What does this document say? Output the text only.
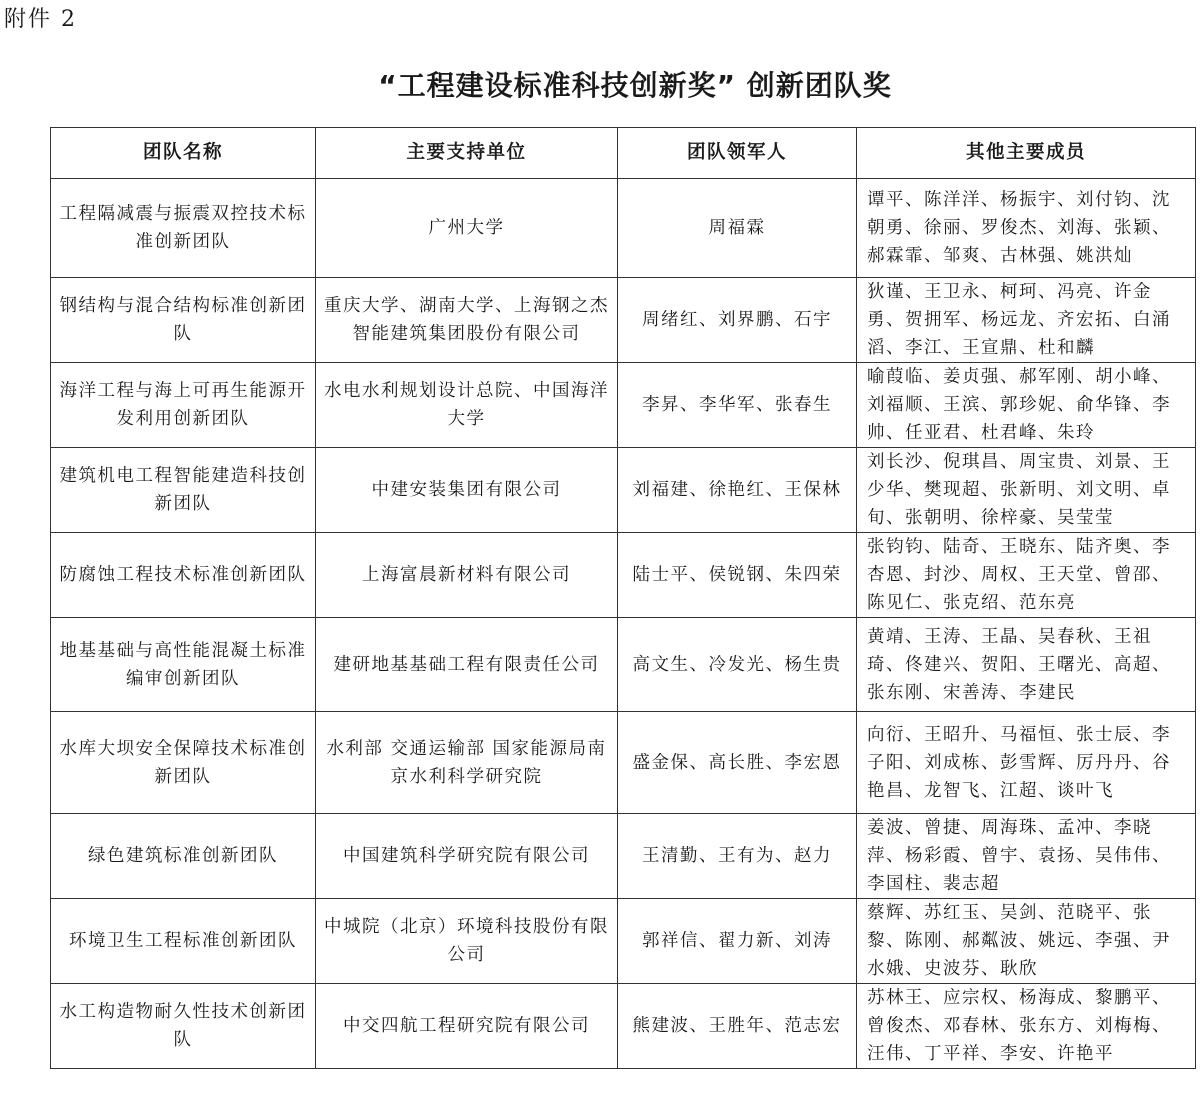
附件 2
“工程建设标准科技创新奖” 创新团队奖
团队名称	主要支持单位	团队领军人	其他主要成员
工程隔减震与振震双控技术标准创新团队	广州大学	周福霖	谭平、陈洋洋、杨振宇、刘付钧、沈朝勇、徐丽、罗俊杰、刘海、张颖、郝霖霏、邹爽、古林强、姚洪灿
钢结构与混合结构标准创新团队	重庆大学、湖南大学、上海钢之杰智能建筑集团股份有限公司	周绪红、刘界鹏、石宇	狄谨、王卫永、柯珂、冯亮、许金勇、贺拥军、杨远龙、齐宏拓、白涌滔、李江、王宣鼎、杜和麟
海洋工程与海上可再生能源开发利用创新团队	水电水利规划设计总院、中国海洋大学	李昇、李华军、张春生	喻葭临、姜贞强、郝军刚、胡小峰、刘福顺、王滨、郭珍妮、俞华锋、李帅、任亚君、杜君峰、朱玲
建筑机电工程智能建造科技创新团队	中建安装集团有限公司	刘福建、徐艳红、王保林	刘长沙、倪琪昌、周宝贵、刘景、王少华、樊现超、张新明、刘文明、卓旬、张朝明、徐梓豪、吴莹莹
防腐蚀工程技术标准创新团队	上海富晨新材料有限公司	陆士平、侯锐钢、朱四荣	张钧钧、陆奇、王晓东、陆齐奥、李杏恩、封沙、周权、王天堂、曾邵、陈见仁、张克绍、范东亮
地基基础与高性能混凝土标准编审创新团队	建研地基基础工程有限责任公司	高文生、冷发光、杨生贵	黄靖、王涛、王晶、吴春秋、王祖琦、佟建兴、贺阳、王曙光、高超、张东刚、宋善涛、李建民
水库大坝安全保障技术标准创新团队	水利部 交通运输部 国家能源局南京水利科学研究院	盛金保、高长胜、李宏恩	向衍、王昭升、马福恒、张士辰、李子阳、刘成栋、彭雪辉、厉丹丹、谷艳昌、龙智飞、江超、谈叶飞
绿色建筑标准创新团队	中国建筑科学研究院有限公司	王清勤、王有为、赵力	姜波、曾捷、周海珠、孟冲、李晓萍、杨彩霞、曾宇、袁扬、吴伟伟、李国柱、裴志超
环境卫生工程标准创新团队	中城院（北京）环境科技股份有限公司	郭祥信、翟力新、刘涛	蔡辉、苏红玉、吴剑、范晓平、张黎、陈刚、郝粼波、姚远、李强、尹水娥、史波芬、耿欣
水工构造物耐久性技术创新团队	中交四航工程研究院有限公司	熊建波、王胜年、范志宏	苏林王、应宗权、杨海成、黎鹏平、曾俊杰、邓春林、张东方、刘梅梅、汪伟、丁平祥、李安、许艳平
